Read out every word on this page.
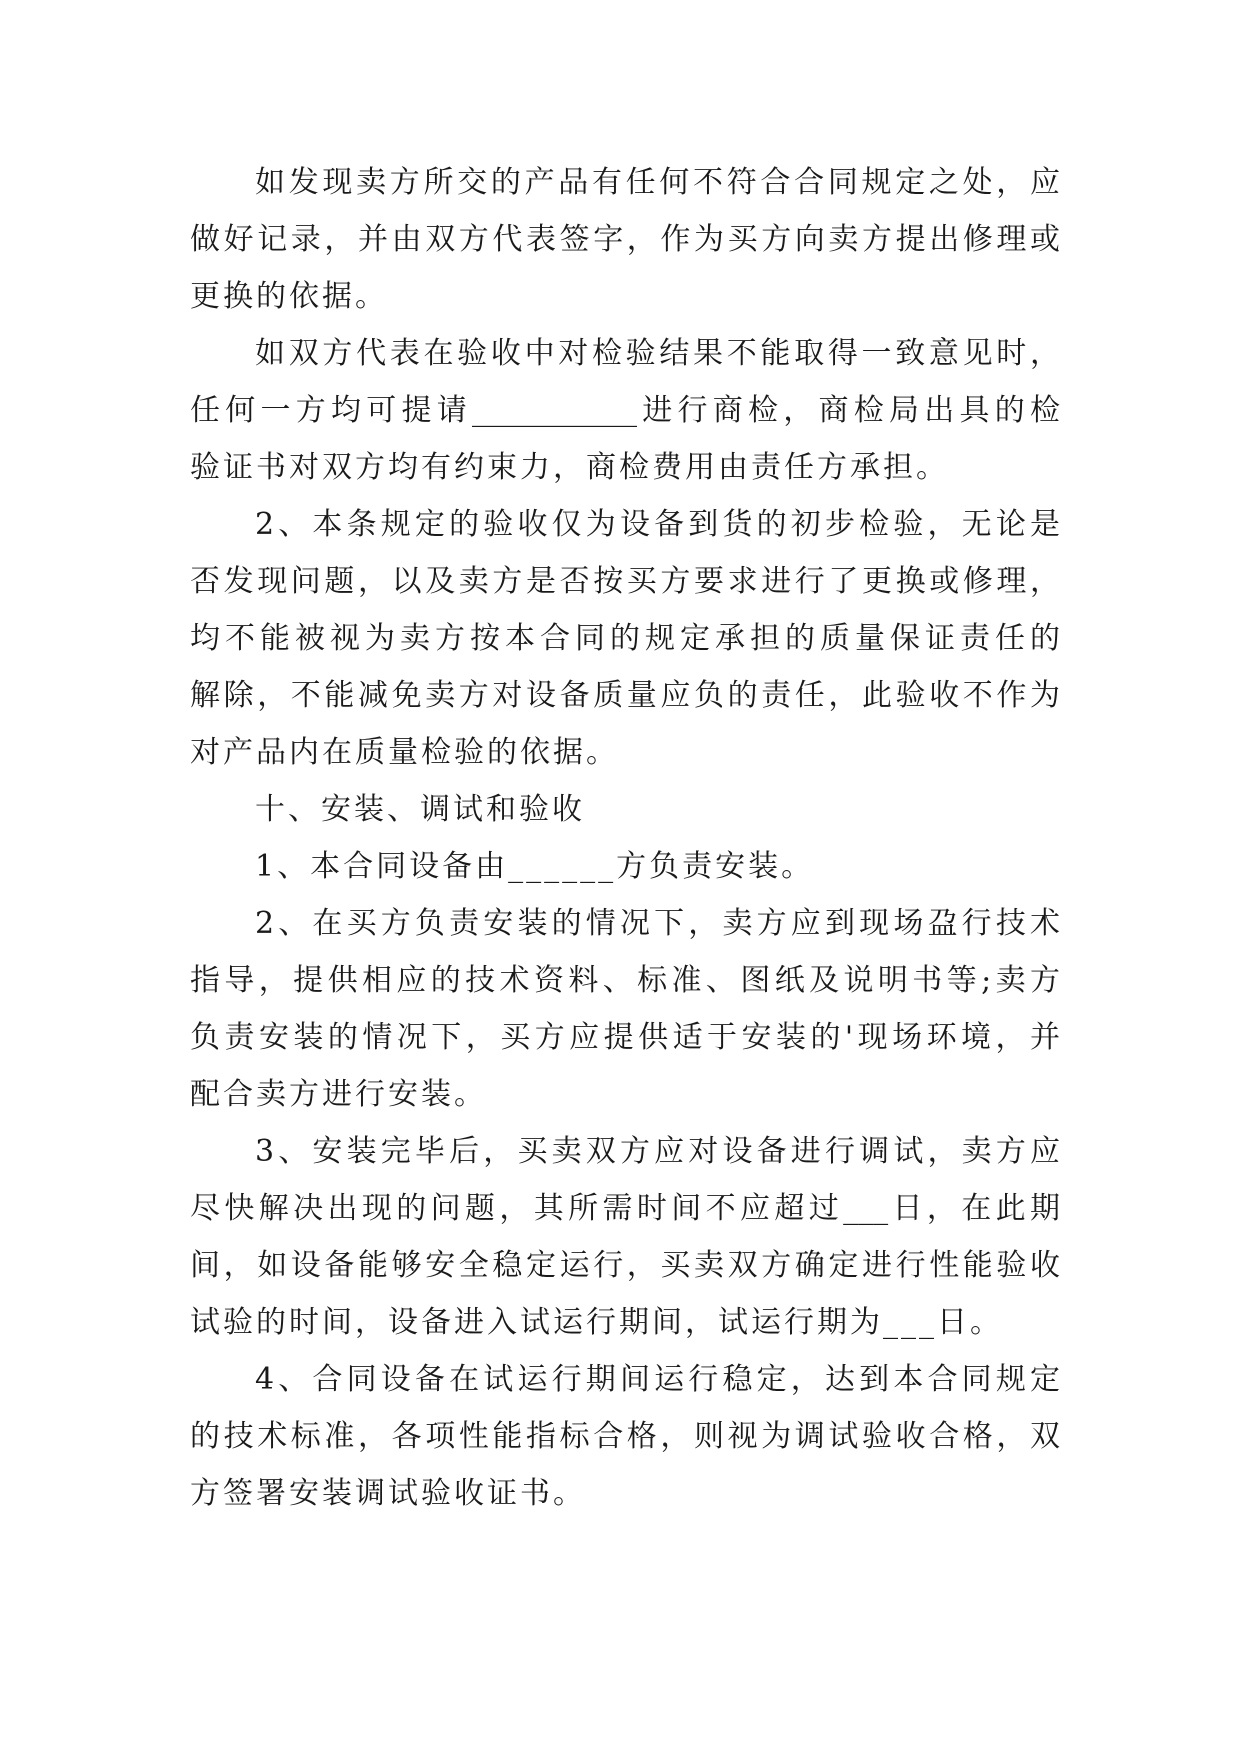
如发现卖方所交的产品有任何不符合合同规定之处，应
做好记录，并由双方代表签字，作为买方向卖方提出修理或
更换的依据。
如双方代表在验收中对检验结果不能取得一致意见时，
任何一方均可提请___________进行商检，商检局出具的检
验证书对双方均有约束力，商检费用由责任方承担。
2、本条规定的验收仅为设备到货的初步检验，无论是
否发现问题，以及卖方是否按买方要求进行了更换或修理，
均不能被视为卖方按本合同的规定承担的质量保证责任的
解除，不能减免卖方对设备质量应负的责任，此验收不作为
对产品内在质量检验的依据。
十、安装、调试和验收
1、本合同设备由______方负责安装。
2、在买方负责安装的情况下，卖方应到现场盁行技术
指导，提供相应的技术资料、标准、图纸及说明书等;卖方
负责安装的情况下，买方应提供适于安装的'现场环境，并
配合卖方进行安装。
3、安装完毕后，买卖双方应对设备进行调试，卖方应
尽快解决出现的问题，其所需时间不应超过___日，在此期
间，如设备能够安全稳定运行，买卖双方确定进行性能验收
试验的时间，设备进入试运行期间，试运行期为___日。
4、合同设备在试运行期间运行稳定，达到本合同规定
的技术标准，各项性能指标合格，则视为调试验收合格，双
方签署安装调试验收证书。
